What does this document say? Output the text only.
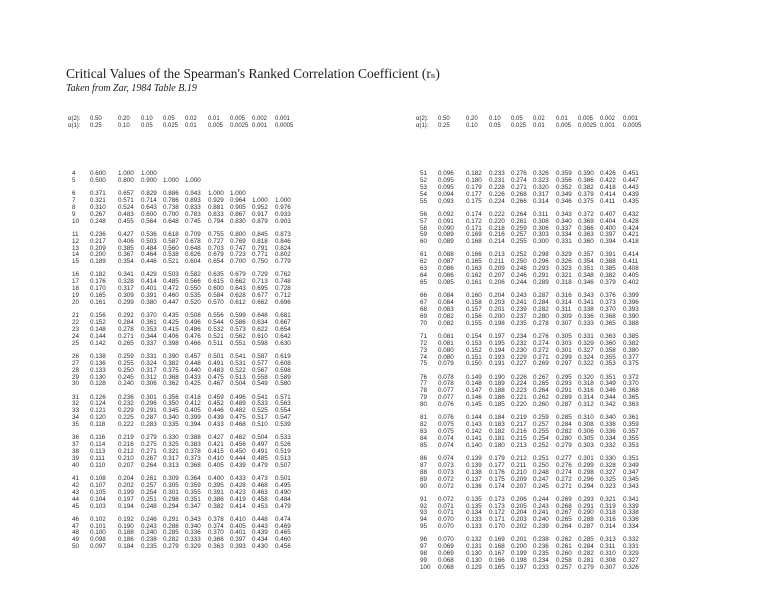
Critical Values of the Spearman's Ranked Correlation Coefficient (rₛ)
Taken from Zar, 1984 Table B.19
α(2):
α(1):
0.50
0.25
0.20
0.10
0.10
0.05
0.05
0.025
0.02
0.01
0.01
0.005
0.005
0.0025
0.002
0.001
0.001
0.0005
4 0.600 1.000 1.000
5 0.500 0.800 0.900 1.000 1.000
6 0.371 0.657 0.829 0.886 0.943 1.000 1.000
7 0.321 0.571 0.714 0.786 0.893 0.929 0.964 1.000 1.000
8 0.310 0.524 0.643 0.738 0.833 0.881 0.905 0.952 0.976
9 0.267 0.483 0.600 0.700 0.783 0.833 0.867 0.917 0.933
10 0.248 0.455 0.564 0.648 0.745 0.794 0.830 0.879 0.903
11 0.236 0.427 0.536 0.618 0.709 0.755 0.800 0.845 0.873
12 0.217 0.406 0.503 0.587 0.678 0.727 0.769 0.818 0.846
13 0.209 0.385 0.484 0.560 0.648 0.703 0.747 0.791 0.824
14 0.200 0.367 0.464 0.538 0.626 0.679 0.723 0.771 0.802
15 0.189 0.354 0.446 0.521 0.604 0.654 0.700 0.750 0.779
16 0.182 0.341 0.429 0.503 0.582 0.635 0.679 0.729 0.762
17 0.176 0.328 0.414 0.485 0.566 0.615 0.662 0.713 0.748
18 0.170 0.317 0.401 0.472 0.550 0.600 0.643 0.695 0.728
19 0.165 0.309 0.391 0.460 0.535 0.584 0.628 0.677 0.712
20 0.161 0.299 0.380 0.447 0.520 0.570 0.612 0.662 0.696
21 0.156 0.292 0.370 0.435 0.508 0.556 0.599 0.648 0.681
22 0.152 0.284 0.361 0.425 0.496 0.544 0.586 0.634 0.667
23 0.148 0.278 0.353 0.415 0.486 0.532 0.573 0.622 0.654
24 0.144 0.271 0.344 0.406 0.476 0.521 0.562 0.610 0.642
25 0.142 0.265 0.337 0.398 0.466 0.511 0.551 0.598 0.630
26 0.138 0.259 0.331 0.390 0.457 0.501 0.541 0.587 0.619
27 0.136 0.255 0.324 0.382 0.448 0.491 0.531 0.577 0.608
28 0.133 0.250 0.317 0.375 0.440 0.483 0.522 0.567 0.598
29 0.130 0.245 0.312 0.368 0.433 0.475 0.513 0.558 0.589
30 0.128 0.240 0.306 0.362 0.425 0.467 0.504 0.549 0.580
31 0.126 0.236 0.301 0.356 0.418 0.459 0.496 0.541 0.571
32 0.124 0.232 0.296 0.350 0.412 0.452 0.489 0.533 0.563
33 0.121 0.229 0.291 0.345 0.405 0.446 0.482 0.525 0.554
34 0.120 0.225 0.287 0.340 0.399 0.439 0.475 0.517 0.547
35 0.118 0.222 0.283 0.335 0.394 0.433 0.468 0.510 0.539
36 0.116 0.219 0.279 0.330 0.388 0.427 0.462 0.504 0.533
37 0.114 0.216 0.275 0.325 0.383 0.421 0.456 0.497 0.526
38 0.113 0.212 0.271 0.321 0.378 0.415 0.450 0.491 0.519
39 0.111 0.210 0.267 0.317 0.373 0.410 0.444 0.485 0.513
40 0.110 0.207 0.264 0.313 0.368 0.405 0.439 0.479 0.507
41 0.108 0.204 0.261 0.309 0.364 0.400 0.433 0.473 0.501
42 0.107 0.202 0.257 0.305 0.359 0.395 0.428 0.468 0.495
43 0.105 0.199 0.254 0.301 0.355 0.391 0.423 0.463 0.490
44 0.104 0.197 0.251 0.298 0.351 0.386 0.419 0.458 0.484
45 0.103 0.194 0.248 0.294 0.347 0.382 0.414 0.453 0.479
46 0.102 0.192 0.246 0.291 0.343 0.378 0.410 0.448 0.474
47 0.101 0.190 0.243 0.288 0.340 0.374 0.405 0.443 0.469
48 0.100 0.188 0.240 0.285 0.336 0.370 0.401 0.439 0.465
49 0.098 0.186 0.238 0.282 0.333 0.366 0.397 0.434 0.460
50 0.097 0.184 0.235 0.279 0.329 0.363 0.393 0.430 0.456
α(2):
α(1):
0.50
0.25
0.20
0.10
0.10
0.05
0.05
0.025
0.02
0.01
0.01
0.005
0.005
0.0025
0.002
0.001
0.001
0.0005
51 0.096 0.182 0.233 0.276 0.326 0.359 0.390 0.426 0.451
52 0.095 0.180 0.231 0.274 0.323 0.356 0.386 0.422 0.447
53 0.095 0.179 0.228 0.271 0.320 0.352 0.382 0.418 0.443
54 0.094 0.177 0.226 0.268 0.317 0.349 0.379 0.414 0.439
55 0.093 0.175 0.224 0.266 0.314 0.346 0.375 0.411 0.435
56 0.092 0.174 0.222 0.264 0.311 0.343 0.372 0.407 0.432
57 0.091 0.172 0.220 0.261 0.308 0.340 0.369 0.404 0.428
58 0.090 0.171 0.218 0.259 0.306 0.337 0.366 0.400 0.424
59 0.089 0.169 0.216 0.257 0.303 0.334 0.363 0.397 0.421
60 0.089 0.168 0.214 0.255 0.300 0.331 0.360 0.394 0.418
61 0.088 0.166 0.213 0.252 0.298 0.329 0.357 0.391 0.414
62 0.087 0.165 0.211 0.250 0.296 0.326 0.354 0.388 0.411
63 0.086 0.163 0.209 0.248 0.293 0.323 0.351 0.385 0.408
64 0.086 0.162 0.207 0.246 0.291 0.321 0.348 0.382 0.405
65 0.085 0.161 0.206 0.244 0.289 0.318 0.346 0.379 0.402
66 0.084 0.160 0.204 0.243 0.287 0.316 0.343 0.376 0.399
67 0.084 0.158 0.203 0.241 0.284 0.314 0.341 0.373 0.396
68 0.083 0.157 0.201 0.239 0.282 0.311 0.338 0.370 0.393
69 0.082 0.156 0.200 0.237 0.280 0.309 0.336 0.368 0.390
70 0.082 0.155 0.198 0.235 0.278 0.307 0.333 0.365 0.388
71 0.081 0.154 0.197 0.234 0.276 0.305 0.331 0.363 0.385
72 0.081 0.153 0.195 0.232 0.274 0.303 0.329 0.360 0.382
73 0.080 0.152 0.194 0.230 0.272 0.301 0.327 0.358 0.380
74 0.080 0.151 0.193 0.229 0.271 0.299 0.324 0.355 0.377
75 0.079 0.150 0.191 0.227 0.269 0.297 0.322 0.353 0.375
76 0.078 0.149 0.190 0.226 0.267 0.295 0.320 0.351 0.372
77 0.078 0.148 0.189 0.224 0.265 0.293 0.318 0.349 0.370
78 0.077 0.147 0.188 0.223 0.264 0.291 0.316 0.346 0.368
79 0.077 0.146 0.186 0.221 0.262 0.289 0.314 0.344 0.365
80 0.076 0.145 0.185 0.220 0.260 0.287 0.312 0.342 0.363
81 0.076 0.144 0.184 0.219 0.259 0.285 0.310 0.340 0.361
82 0.075 0.143 0.183 0.217 0.257 0.284 0.308 0.338 0.359
83 0.075 0.142 0.182 0.216 0.255 0.282 0.306 0.336 0.357
84 0.074 0.141 0.181 0.215 0.254 0.280 0.305 0.334 0.355
85 0.074 0.140 0.180 0.213 0.252 0.279 0.303 0.332 0.353
86 0.074 0.139 0.179 0.212 0.251 0.277 0.301 0.330 0.351
87 0.073 0.139 0.177 0.211 0.250 0.276 0.299 0.328 0.349
88 0.073 0.138 0.176 0.210 0.248 0.274 0.298 0.327 0.347
89 0.072 0.137 0.175 0.209 0.247 0.272 0.296 0.325 0.345
90 0.072 0.136 0.174 0.207 0.245 0.271 0.294 0.323 0.343
91 0.072 0.135 0.173 0.206 0.244 0.269 0.293 0.321 0.341
92 0.071 0.135 0.173 0.205 0.243 0.268 0.291 0.319 0.339
93 0.071 0.134 0.172 0.204 0.241 0.267 0.290 0.318 0.338
94 0.070 0.133 0.171 0.203 0.240 0.265 0.288 0.316 0.336
95 0.070 0.133 0.170 0.202 0.239 0.264 0.287 0.314 0.334
96 0.070 0.132 0.169 0.201 0.238 0.262 0.285 0.313 0.332
97 0.069 0.131 0.168 0.200 0.236 0.261 0.284 0.311 0.331
98 0.069 0.130 0.167 0.199 0.235 0.260 0.282 0.310 0.329
99 0.068 0.130 0.166 0.198 0.234 0.258 0.281 0.308 0.327
100 0.068 0.129 0.165 0.197 0.233 0.257 0.279 0.307 0.326
